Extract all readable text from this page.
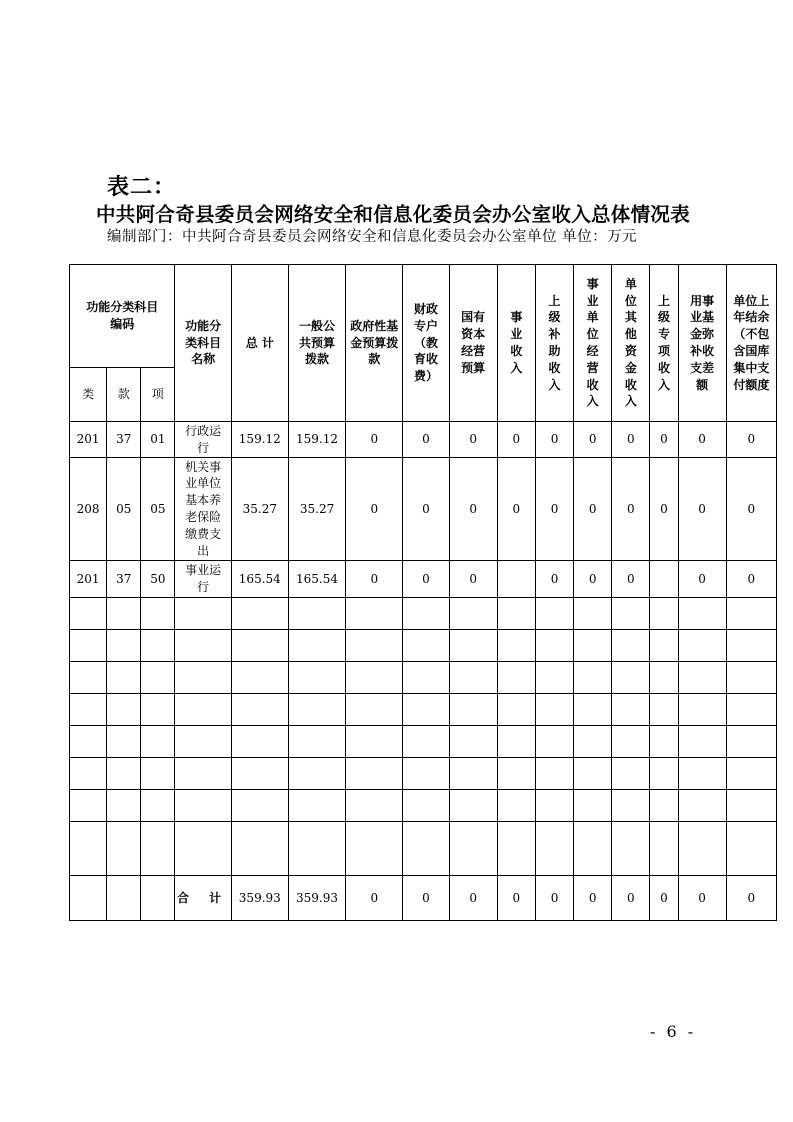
表二：
中共阿合奇县委员会网络安全和信息化委员会办公室收入总体情况表
编制部门：中共阿合奇县委员会网络安全和信息化委员会办公室单位 单位：万元
功能分类科目编码			功能分类科目名称	总 计	一般公共预算拨款	政府性基金预算拨款	财政专户（教育收费）	国有资本经营预算	事业收入	上级补助收入	事业单位经营收入	单位其他资金收入	上级专项收入	用事业基金弥补收支差额	单位上年结余（不包含国库集中支付额度

类	款	项													
201	37	01	行政运行	159.12	159.12	0	0	0	0	0	0	0	0	0	0
208	05	05	机关事业单位基本养老保险缴费支出	35.27	35.27	0	0	0	0	0	0	0	0	0	0
201	37	50	事业运行	165.54	165.54	0	0	0		0	0	0		0	0

			合 计	359.93	359.93	0	0	0	0	0	0	0	0	0	0
- 6 -
